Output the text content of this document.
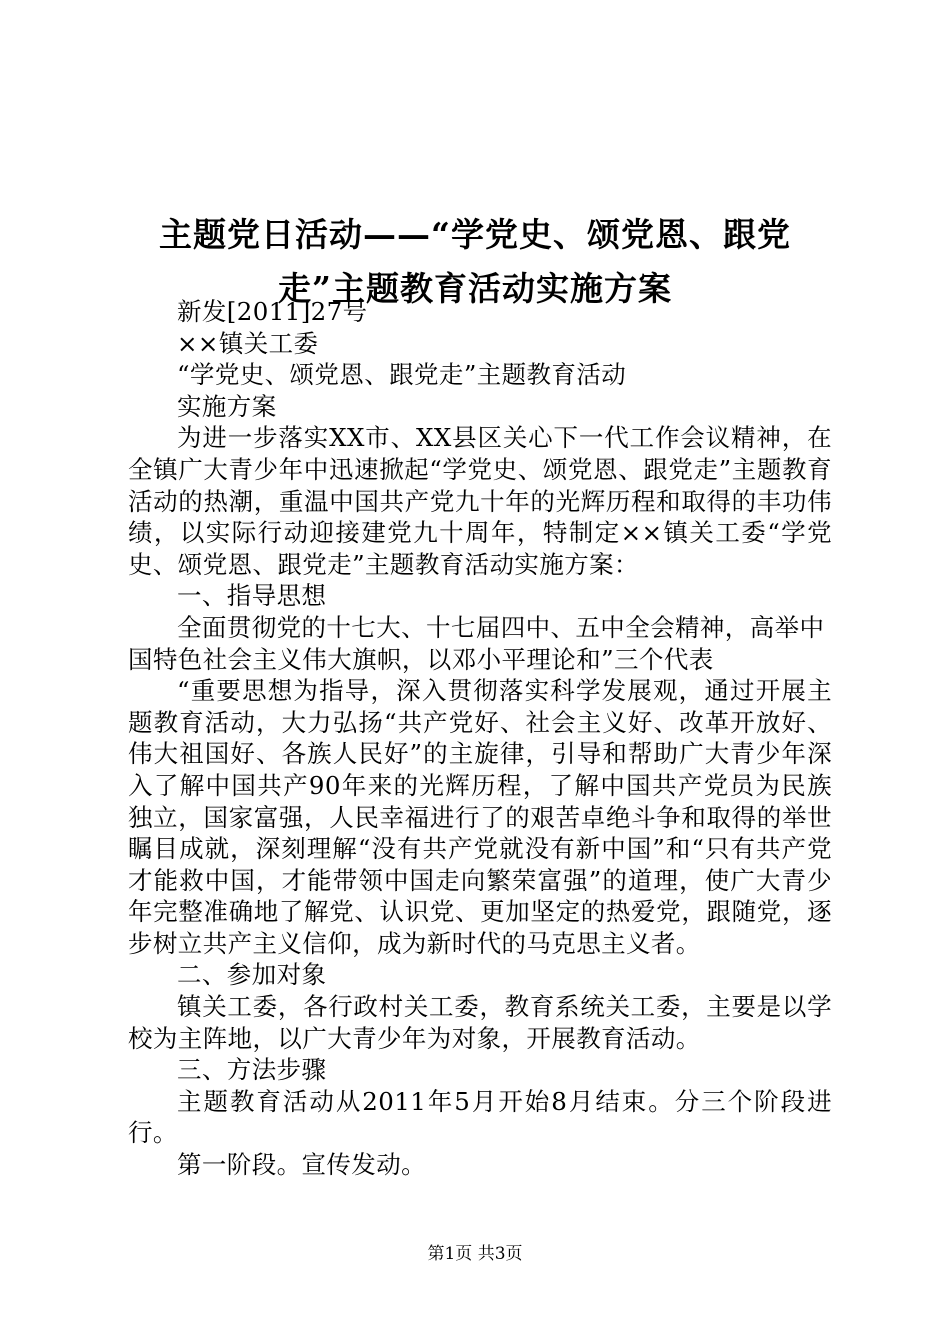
主题党日活动——“学党史、颂党恩、跟党
走”主题教育活动实施方案

新发[2011]27号

××镇关工委

“学党史、颂党恩、跟党走”主题教育活动

实施方案

为进一步落实XX市、XX县区关心下一代工作会议精神，在全镇广大青少年中迅速掀起“学党史、颂党恩、跟党走”主题教育活动的热潮，重温中国共产党九十年的光辉历程和取得的丰功伟绩，以实际行动迎接建党九十周年，特制定××镇关工委“学党史、颂党恩、跟党走”主题教育活动实施方案：

一、指导思想

全面贯彻党的十七大、十七届四中、五中全会精神，高举中国特色社会主义伟大旗帜，以邓小平理论和”三个代表

“重要思想为指导，深入贯彻落实科学发展观，通过开展主题教育活动，大力弘扬“共产党好、社会主义好、改革开放好、伟大祖国好、各族人民好”的主旋律，引导和帮助广大青少年深入了解中国共产90年来的光辉历程，了解中国共产党员为民族独立，国家富强，人民幸福进行了的艰苦卓绝斗争和取得的举世瞩目成就，深刻理解“没有共产党就没有新中国”和“只有共产党才能救中国，才能带领中国走向繁荣富强”的道理，使广大青少年完整准确地了解党、认识党、更加坚定的热爱党，跟随党，逐步树立共产主义信仰，成为新时代的马克思主义者。

二、参加对象

镇关工委，各行政村关工委，教育系统关工委，主要是以学校为主阵地，以广大青少年为对象，开展教育活动。

三、方法步骤

主题教育活动从2011年5月开始8月结束。分三个阶段进行。

第一阶段。宣传发动。

第1页 共3页
